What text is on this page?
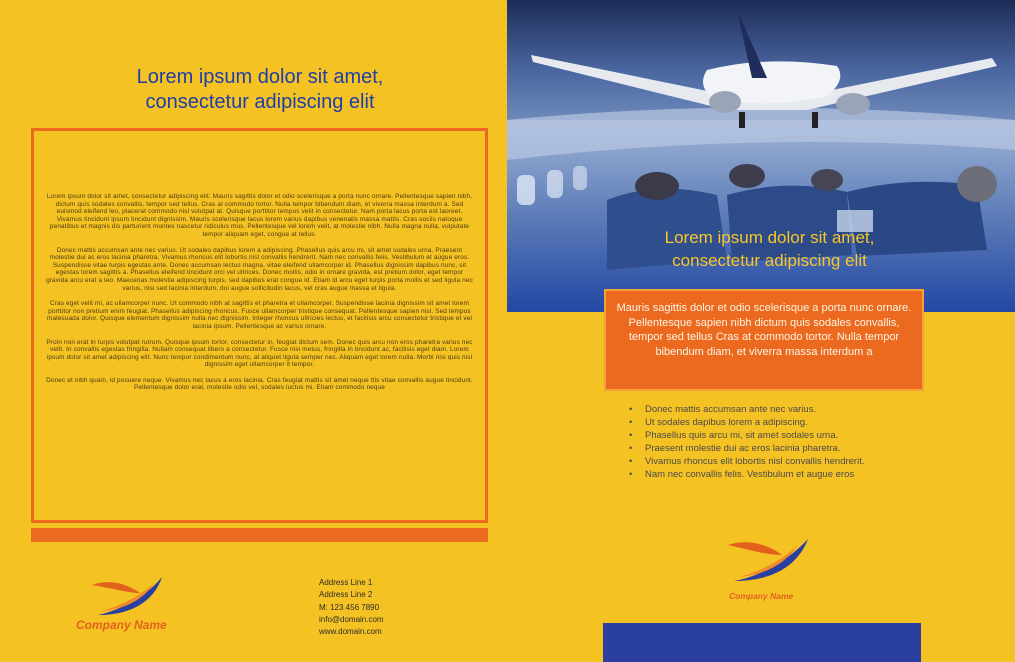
Lorem ipsum dolor sit amet,
consectetur adipiscing elit

Lorem ipsum dolor sit amet, consectetur adipiscing elit. Mauris sagittis dolor et odio scelerisque a porta nunc ornare. Pellentesque sapien nibh, dictum quis sodales convallis, tempor sed tellus. Cras at commodo tortor. Nulla tempor bibendum diam, et viverra massa interdum a. Sed euismod eleifend leo, placerat commodo nisl volutpat at. Quisque porttitor tempus velit in consectetur. Nam porta lacus porta est laoreet. Vivamus tincidunt ipsum tincidunt dignissim. Mauris scelerisque lacus lorem varius dapibus venenatis massa mattis. Cras sociis natoque penatibus et magnis dis parturient montes nascetur ridiculus mus. Pellentesque vel lorem velit, at molestie nibh. Nulla magna nulla, vulputate tempor aliquam eget, congue at tellus.

Donec mattis accumsan ante nec varius. Ut sodales dapibus lorem a adipiscing. Phasellus quis arcu mi, sit amet sodales urna. Praesent molestie dui ac eros lacinia pharetra. Vivamus rhoncus elit lobortis nisl convallis hendrerit. Nam nec convallis felis. Vestibulum et augue eros. Suspendisse vitae turpis egestas ante. Donec accumsan lectus magna, vitae eleifend ullamcorper id. Phasellus dignissim dapibus nunc, sit egestas lorem sagittis a. Phasellus eleifend tincidunt orci vel ultrices. Donec mollis, odio in ornare gravida, est pretium dolor, eget tempor gravida arcu erat a leo. Maecenas molestie adipiscing turpis, sed dapibus erat congue id. Etiam id arcu eget turpis porta mollis et sed ligula nec varius, nisi sed lacinia interdum, dui augue sollicitudin lacus, vel cras augue massa et ligula.

Cras eget velit mi, ac ullamcorper nunc. Ut commodo nibh at sagittis et pharetra et ullamcorper. Suspendisse lacinia dignissim sit amet lorem porttitor non pretium enim feugiat. Phasellus adipiscing rhoncus. Fusce ullamcorper tristique consequat. Pellentesque sapien nisl. Sed tempus malesuada dolor. Quisque elementum dignissim nulla nec dignissim. Integer rhoncus ultricies lectus, et facilisis arcu consectetur tristique et vel lacinia ipsum. Pellentesque ac varius ornare.

Proin non erat in turpis volutpat rutrum. Quisque ipsum tortor, consectetur in, feugiat dictum sem. Donec quis arcu non eros pharetra varius nec velit. In convallis egestas fringilla. Nullam consequat libero a consectetur. Fusce nisi metus, fringilla in tincidunt ac, facilisis eget diam. Lorem ipsum dolor sit amet adipiscing elit. Nunc tempor condimentum nunc, at aliquet ligula semper nec. Aliquam eget lorem nulla. Morbi nisi quis nisl dignissim eget ullamcorper it tempor.

Donec et nibh quam, id posuere neque. Vivamus nec lacus a eros lacinia. Cras feugiat mattis sit amet neque ttis vitae convallis augue tincidunt. Pellentesque dolor erat, molestie odio vel, sodales luctus mi. Etiam commodo neque

Company Name
Address Line 1
Address Line 2
M: 123 456 7890
info@domain.com
www.domain.com
Lorem ipsum dolor sit amet,
consectetur adipiscing elit
Mauris sagittis dolor et odio scelerisque a porta nunc ornare. Pellentesque sapien nibh dictum quis sodales convallis, tempor sed tellus Cras at commodo tortor. Nulla tempor bibendum diam, et viverra massa interdum a
• Donec mattis accumsan ante nec varius.
• Ut sodales dapibus lorem a adipiscing.
• Phasellus quis arcu mi, sit amet sodales urna.
• Praesent molestie dui ac eros lacinia pharetra.
• Vivamus rhoncus elit lobortis nisl convallis hendrerit.
• Nam nec convallis felis. Vestibulum et augue eros
Company Name
